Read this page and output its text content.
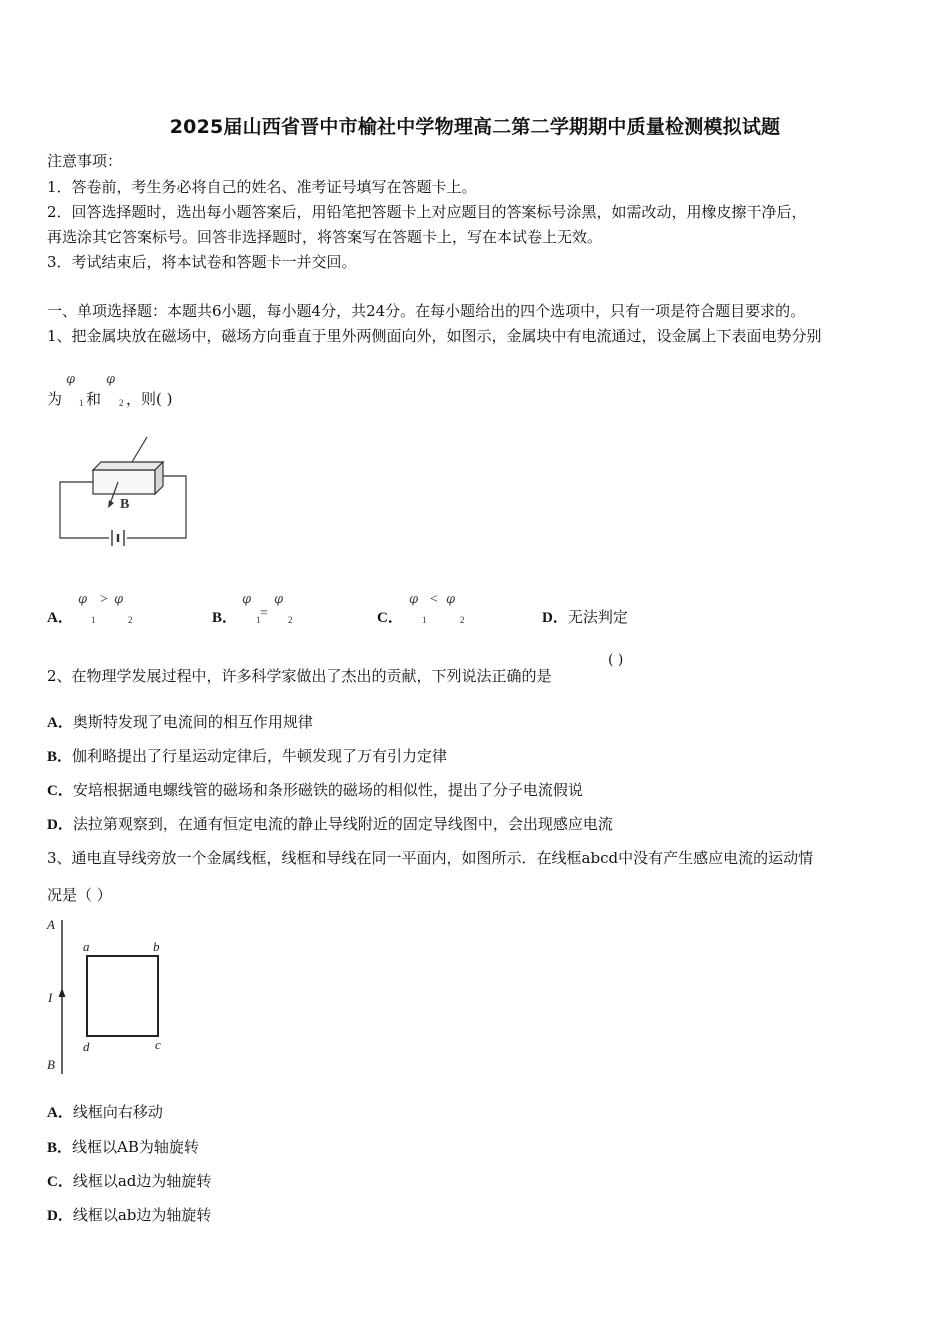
2025届山西省晋中市榆社中学物理高二第二学期期中质量检测模拟试题
注意事项：
1．答卷前，考生务必将自己的姓名、准考证号填写在答题卡上。
2．回答选择题时，选出每小题答案后，用铅笔把答题卡上对应题目的答案标号涂黑，如需改动，用橡皮擦干净后，
再选涂其它答案标号。回答非选择题时，将答案写在答题卡上，写在本试卷上无效。
3．考试结束后，将本试卷和答题卡一并交回。
一、单项选择题：本题共6小题，每小题4分，共24分。在每小题给出的四个选项中，只有一项是符合题目要求的。
1、把金属块放在磁场中，磁场方向垂直于里外两侧面向外，如图示，金属块中有电流通过，设金属上下表面电势分别
为
φ
1 和
φ
2 ，则( )
B
A．
φ > φ
1	2	B．
φ
=
φ
1	2	C．
φ < φ
1	2	D．无法判定
2、在物理学发展过程中，许多科学家做出了杰出的贡献，下列说法正确的是
( )
A．奥斯特发现了电流间的相互作用规律
B．伽利略提出了行星运动定律后，牛顿发现了万有引力定律
C．安培根据通电螺线管的磁场和条形磁铁的磁场的相似性，提出了分子电流假说
D．法拉第观察到，在通有恒定电流的静止导线附近的固定导线图中，会出现感应电流
3、通电直导线旁放一个金属线框，线框和导线在同一平面内，如图所示．在线框abcd中没有产生感应电流的运动情
况是（ ）
A
B
I
a	b
c
d
A．线框向右移动
B．线框以AB为轴旋转
C．线框以ad边为轴旋转
D．线框以ab边为轴旋转
